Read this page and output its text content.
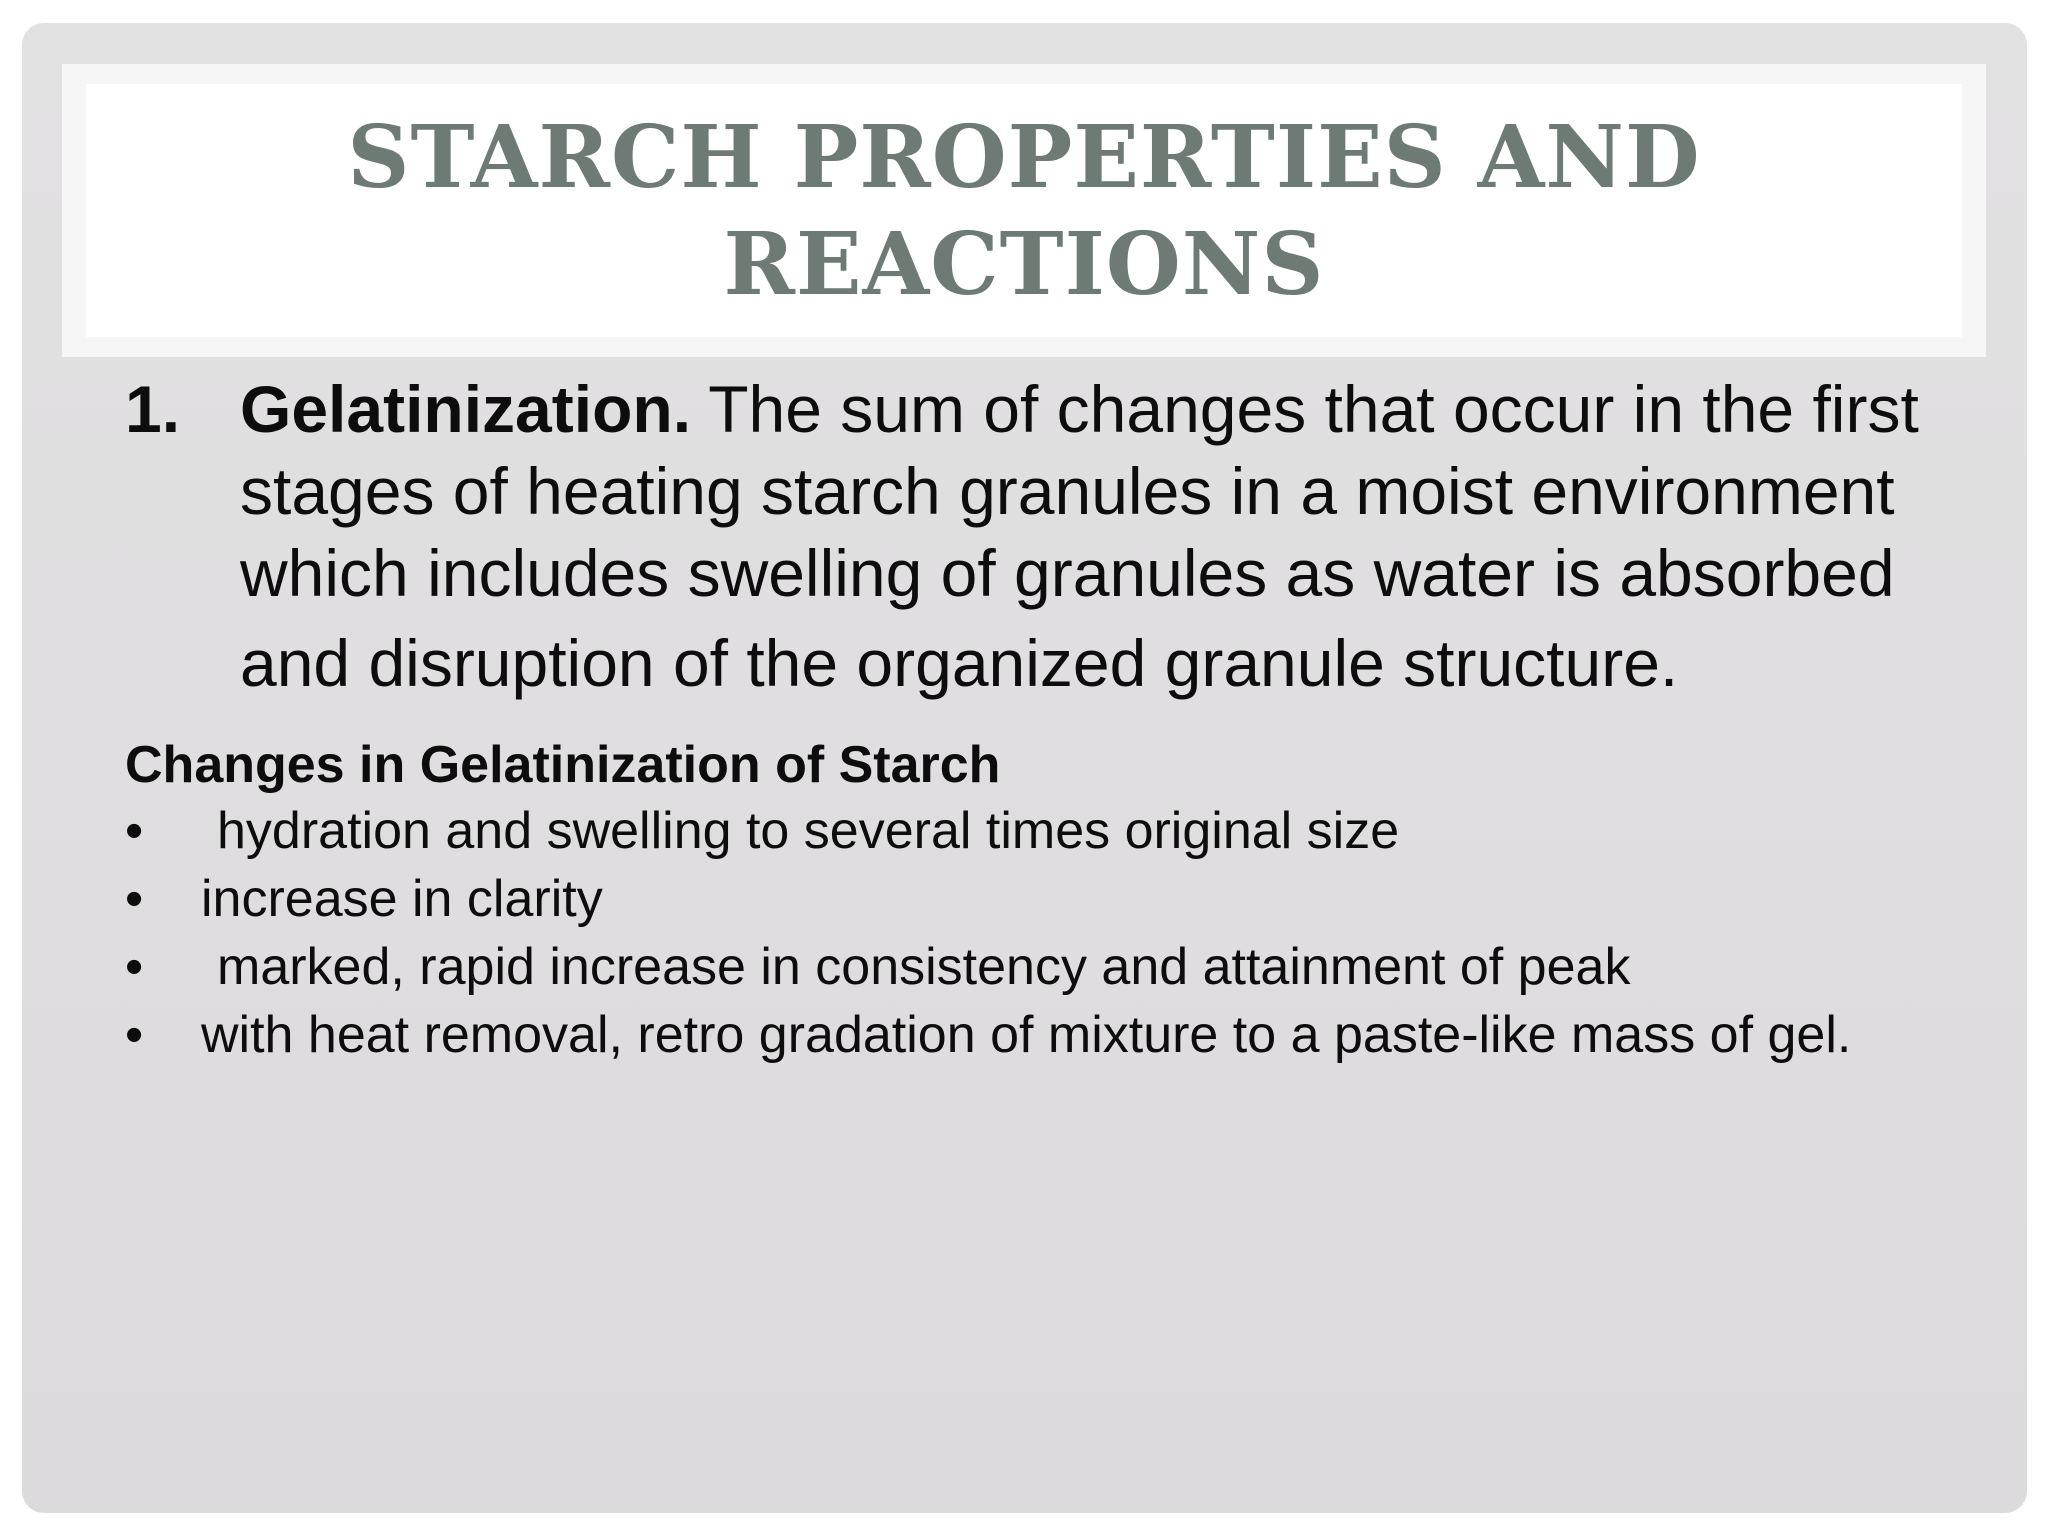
STARCH PROPERTIES AND REACTIONS
1. Gelatinization. The sum of changes that occur in the first stages of heating starch granules in a moist environment which includes swelling of granules as water is absorbed
and disruption of the organized granule structure.
Changes in Gelatinization of Starch
• hydration and swelling to several times original size
• increase in clarity
• marked, rapid increase in consistency and attainment of peak
• with heat removal, retro gradation of mixture to a paste-like mass of gel.
